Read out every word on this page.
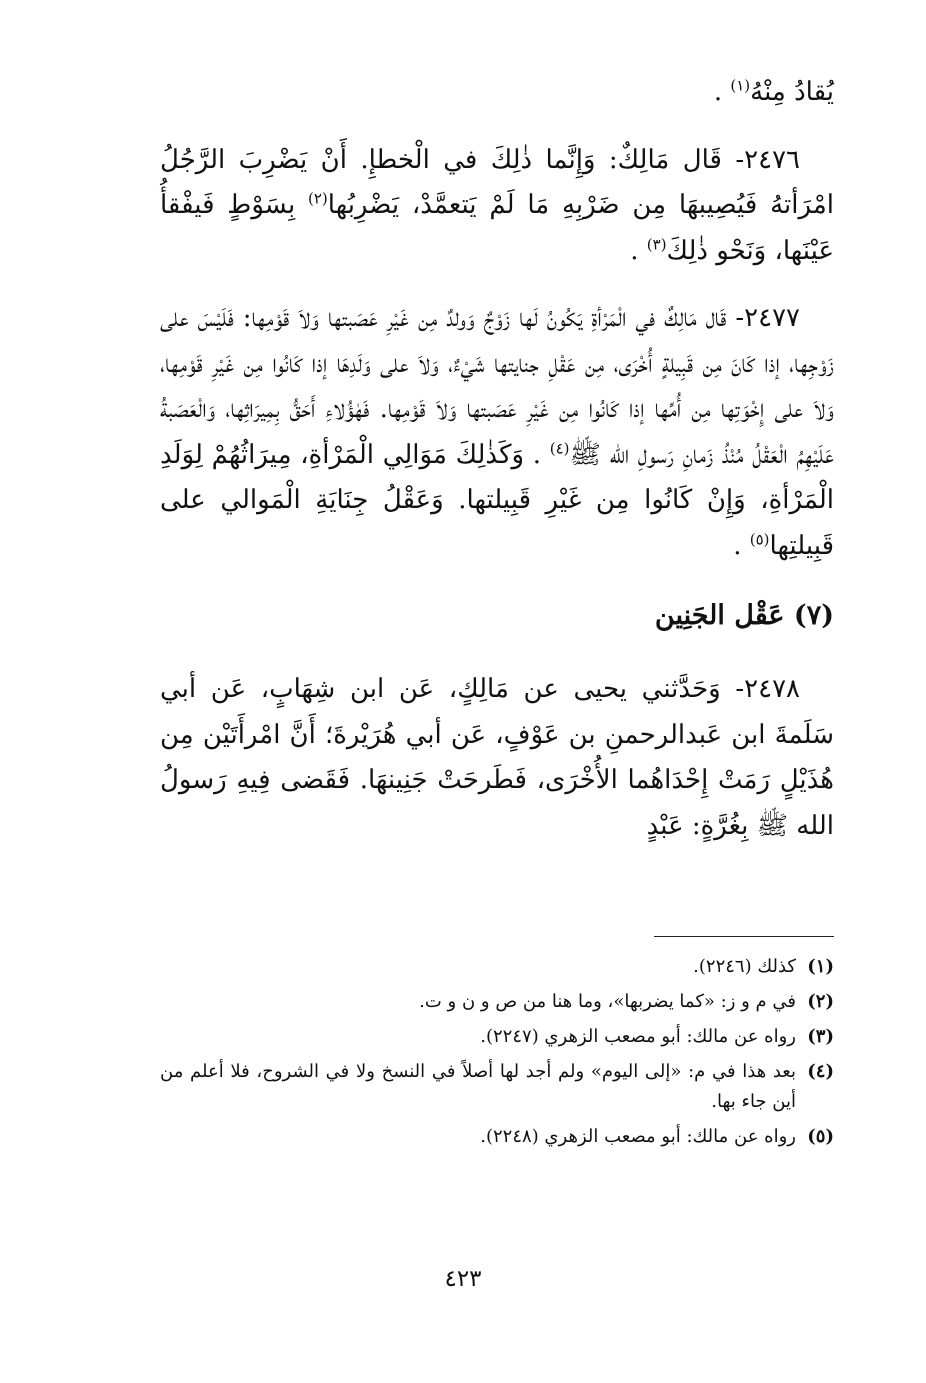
يُقادُ مِنْهُ$^{(١)}$ .

٢٤٧٦- قَال مَالِكٌ: وَإِنَّما ذٰلِكَ في الْخطإِ. أَنْ يَضْرِبَ الرَّجُلُ امْرَأتهُ فَيُصِيبهَا مِن ضَرْبِهِ مَا لَمْ يَتعمَّدْ، يَضْرِبُها$^{(٢)}$ بِسَوْطٍ فَيفْقأُ عَيْنَها، وَنَحْو ذٰلِكَ$^{(٣)}$ .

٢٤٧٧- قَال مَالِكٌ في الْمَرْأةِ يَكُونُ لَها زَوْجٌ وَولدٌ مِن غَيْرِ عَصَبتها وَلاَ قَوْمِها: فَلَيْسَ على زَوْجِها، إذا كَانَ مِن قَبِيلةٍ أُخْرَى، مِن عَقْلِ جنايتها شَيْءٌ، وَلاَ على وَلَدِهَا إذا كَانُوا مِن غَيْرِ قَوْمِها، وَلاَ على إِخْوَتِها مِن أُمِّها إذا كَانُوا مِن غَيْرِ عَصَبتها وَلاَ قَوْمِها. فَهٰؤُلاءِ أَحَقُّ بِمِيرَاثِها، وَالْعَصَبةُ عَلَيْهِمُ الْعَقْلُ مُنْذُ زَمانِ رَسولِ الله ﷺ$^{(٤)}$ . وَكَذٰلِكَ مَوَالِي الْمَرْأةِ، مِيرَاثُهُمْ لِوَلَدِ الْمَرْأةِ، وَإِنْ كَانُوا مِن غَيْرِ قَبِيلتها. وَعَقْلُ جِنَايَةِ الْمَوالي على قَبِيلتِها$^{(٥)}$ .

(٧) عَقْل الجَنِين

٢٤٧٨- وَحَدَّثني يحيى عن مَالِكٍ، عَن ابن شِهَابٍ، عَن أبي سَلَمةَ ابن عَبدالرحمنِ بن عَوْفٍ، عَن أبي هُرَيْرةَ؛ أَنَّ امْرأَتَيْن مِن هُذَيْلٍ رَمَتْ إِحْدَاهُما الأُخْرَى، فَطَرحَتْ جَنِينهَا. فَقَضى فِيهِ رَسولُ الله ﷺ بِغُرَّةٍ: عَبْدٍ

(١)
كذلك (٢٢٤٦).
(٢)
في م و ز: «كما يضربها»، وما هنا من ص و ن و ت.
(٣)
رواه عن مالك: أبو مصعب الزهري (٢٢٤٧).
(٤)
بعد هذا في م: «إلى اليوم» ولم أجد لها أصلاً في النسخ ولا في الشروح، فلا أعلم من أين جاء بها.
(٥)
رواه عن مالك: أبو مصعب الزهري (٢٢٤٨).
٤٢٣
